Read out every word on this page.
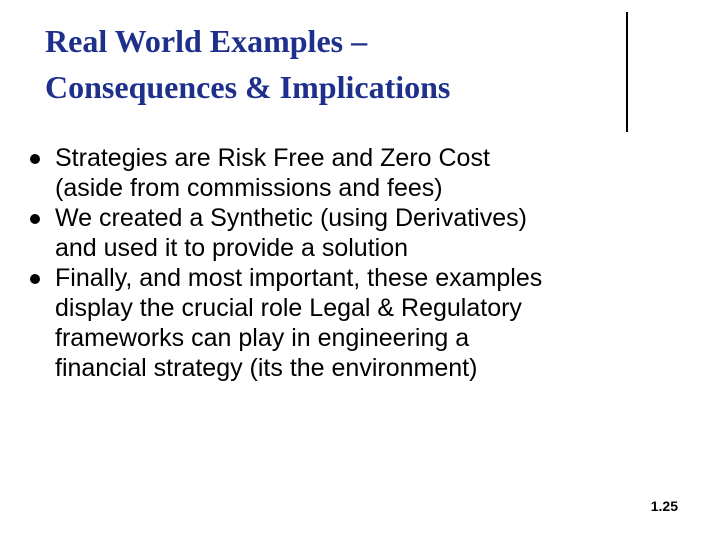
Real World Examples –
Consequences & Implications
Strategies are Risk Free and Zero Cost
(aside from commissions and fees)
We created a Synthetic (using Derivatives)
and used it to provide a solution
Finally, and most important, these examples
display the crucial role Legal & Regulatory
frameworks can play in engineering a
financial strategy (its the environment)
1.25
